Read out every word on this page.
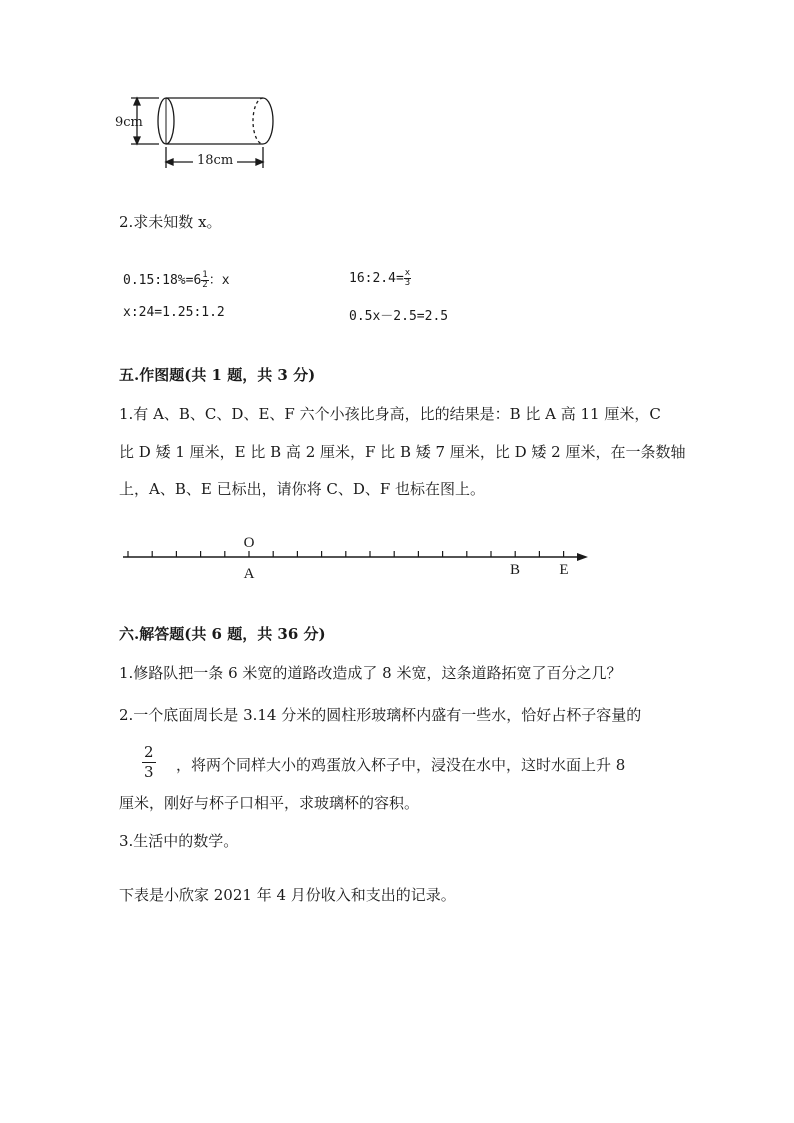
9cm
18cm
2.求未知数 x。
0.15:18%=6 $\frac{1}{2}$ ：x	16:2.4= $\frac{x}{3}$
x:24=1.25:1.2	0.5x－2.5=2.5
五.作图题(共 1 题，共 3 分)
1.有 A、B、C、D、E、F 六个小孩比身高，比的结果是：B 比 A 高 11 厘米，C
比 D 矮 1 厘米，E 比 B 高 2 厘米，F 比 B 矮 7 厘米，比 D 矮 2 厘米，在一条数轴
上，A、B、E 已标出，请你将 C、D、F 也标在图上。
O
A	B	E
六.解答题(共 6 题，共 36 分)
1.修路队把一条 6 米宽的道路改造成了 8 米宽，这条道路拓宽了百分之几？
2.一个底面周长是 3.14 分米的圆柱形玻璃杯内盛有一些水，恰好占杯子容量的
$\frac{2}{3}$ ，将两个同样大小的鸡蛋放入杯子中，浸没在水中，这时水面上升 8
厘米，刚好与杯子口相平，求玻璃杯的容积。
3.生活中的数学。
下表是小欣家 2021 年 4 月份收入和支出的记录。
